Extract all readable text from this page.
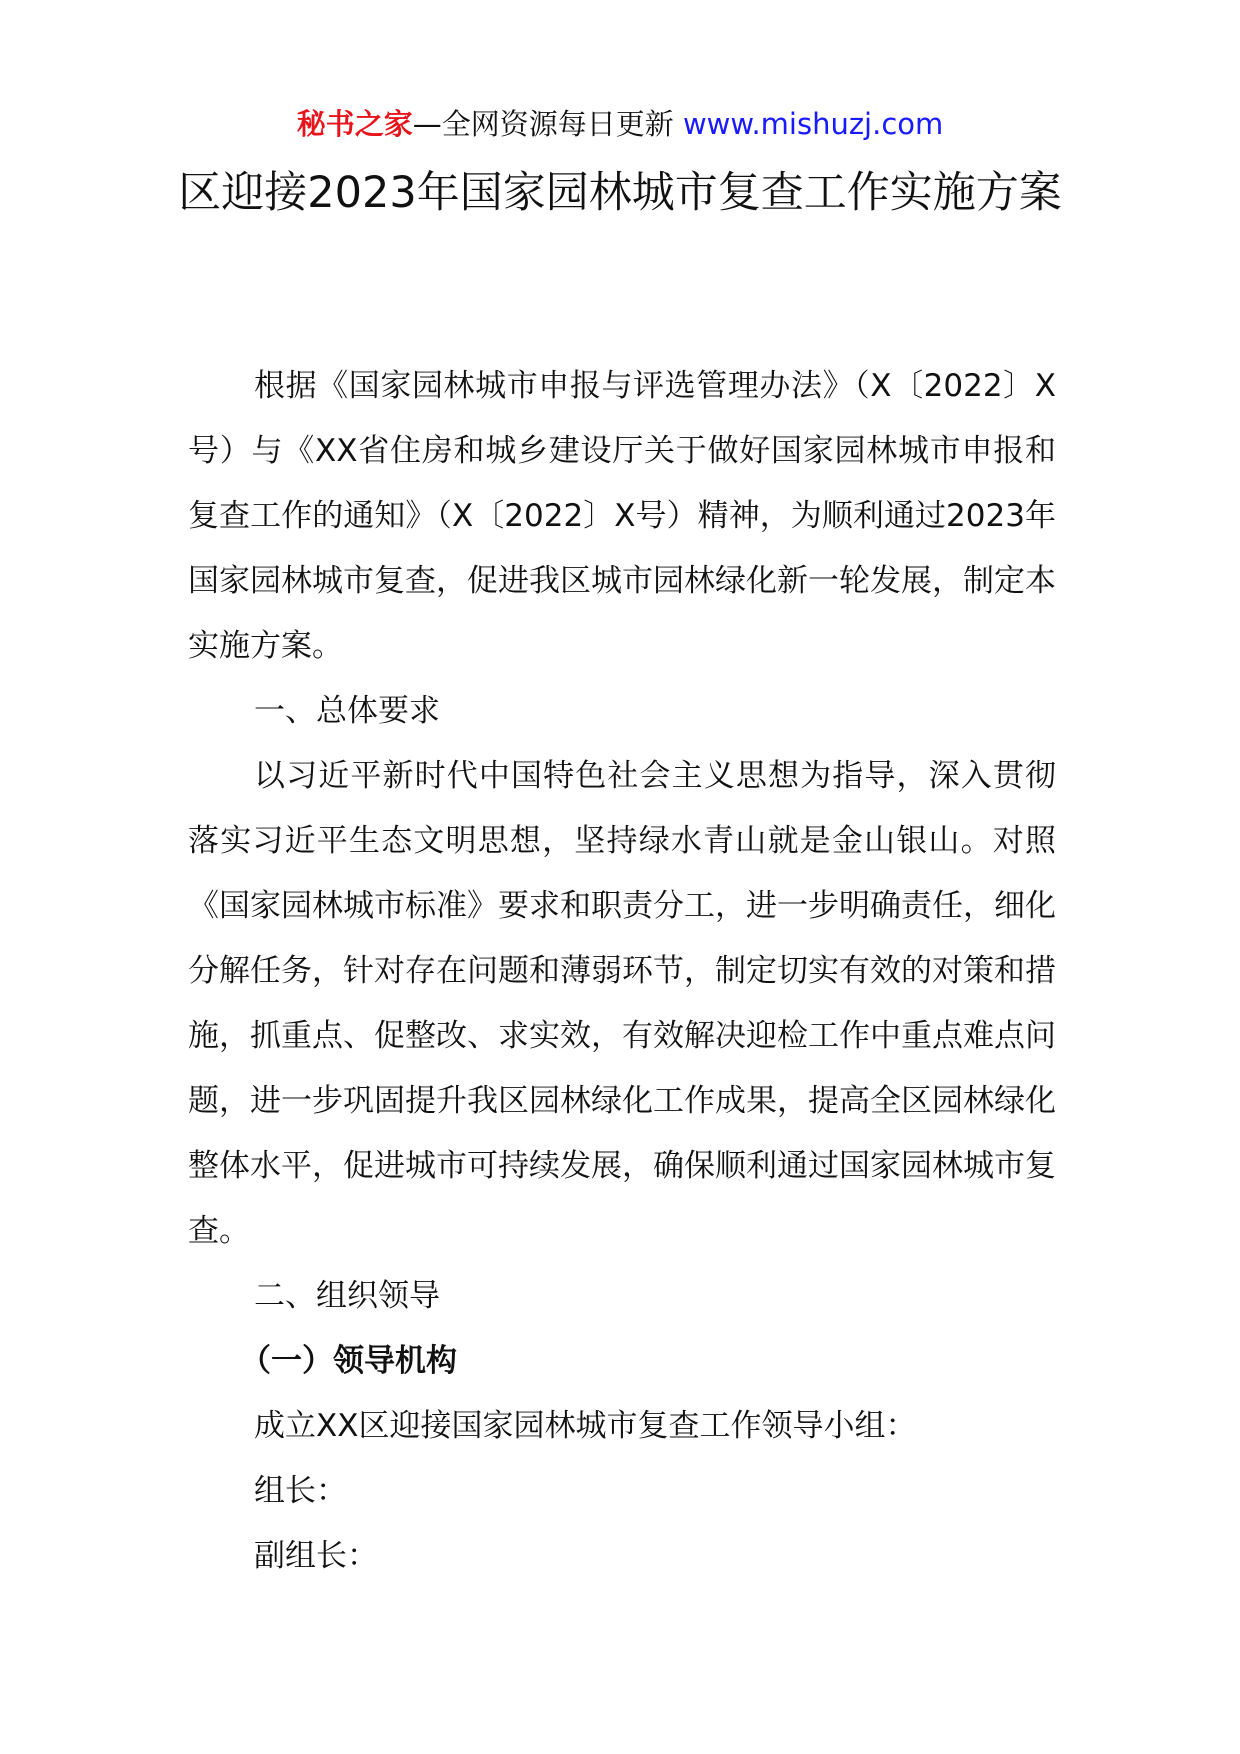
秘书之家—全网资源每日更新 www.mishuzj.com
区迎接2023年国家园林城市复查工作实施方案

根据《国家园林城市申报与评选管理办法》（X〔2022〕X号）与《XX省住房和城乡建设厅关于做好国家园林城市申报和复查工作的通知》（X〔2022〕X号）精神，为顺利通过2023年国家园林城市复查，促进我区城市园林绿化新一轮发展，制定本实施方案。

一、总体要求

以习近平新时代中国特色社会主义思想为指导，深入贯彻落实习近平生态文明思想，坚持绿水青山就是金山银山。对照《国家园林城市标准》要求和职责分工，进一步明确责任，细化分解任务，针对存在问题和薄弱环节，制定切实有效的对策和措施，抓重点、促整改、求实效，有效解决迎检工作中重点难点问题，进一步巩固提升我区园林绿化工作成果，提高全区园林绿化整体水平，促进城市可持续发展，确保顺利通过国家园林城市复查。

二、组织领导

（一）领导机构

成立XX区迎接国家园林城市复查工作领导小组：

组长：

副组长：
